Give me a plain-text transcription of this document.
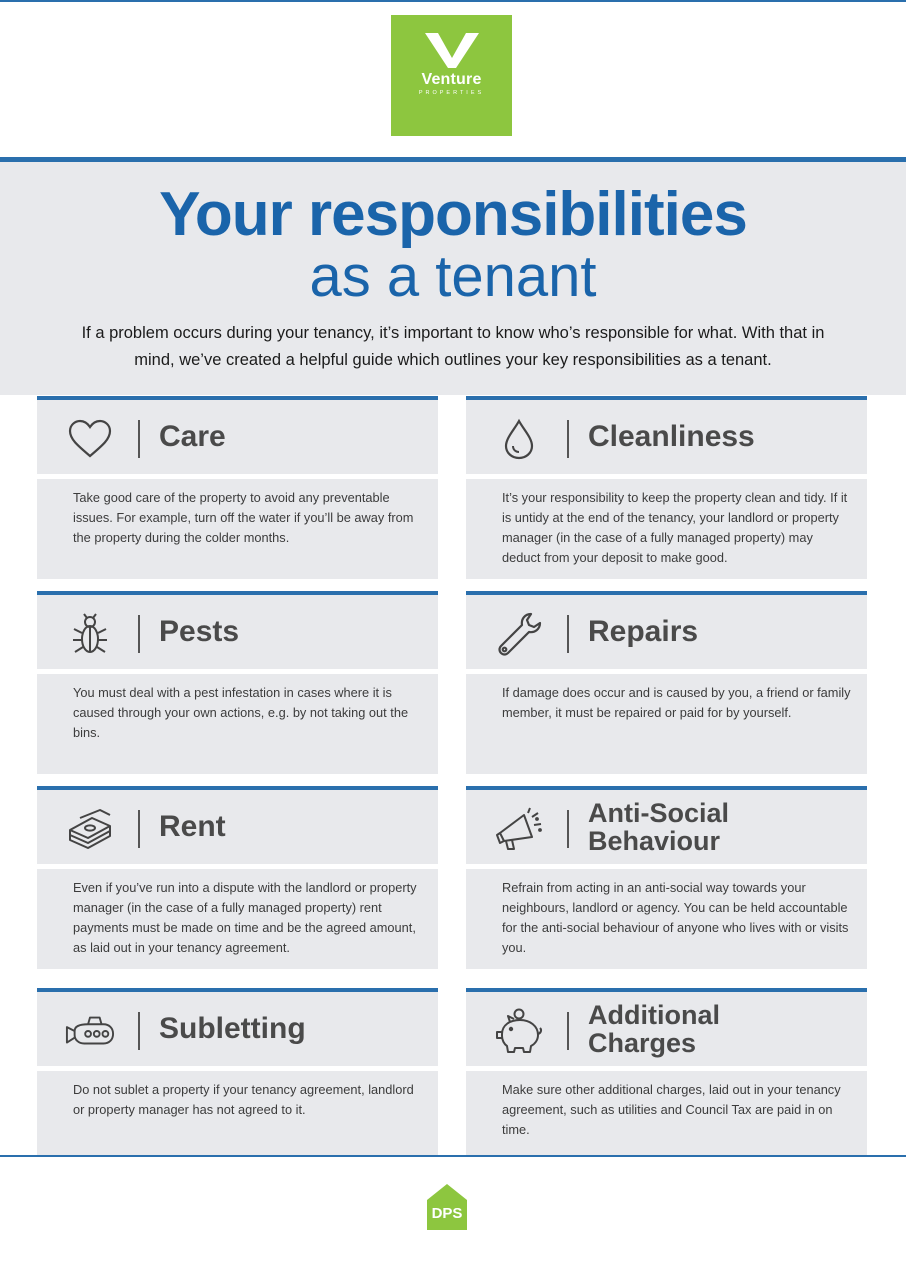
Venture
PROPERTIES
Your responsibilities
as a tenant
If a problem occurs during your tenancy, it’s important to know who’s responsible for what. With that in mind, we’ve created a helpful guide which outlines your key responsibilities as a tenant.
Care
Take good care of the property to avoid any preventable issues. For example, turn off the water if you’ll be away from the property during the colder months.
Cleanliness
It’s your responsibility to keep the property clean and tidy. If it is untidy at the end of the tenancy, your landlord or property manager (in the case of a fully managed property) may deduct from your deposit to make good.
Pests
You must deal with a pest infestation in cases where it is caused through your own actions, e.g. by not taking out the bins.
Repairs
If damage does occur and is caused by you, a friend or family member, it must be repaired or paid for by yourself.
Rent
Even if you’ve run into a dispute with the landlord or property manager (in the case of a fully managed property) rent payments must be made on time and be the agreed amount, as laid out in your tenancy agreement.
Anti-Social
Behaviour
Refrain from acting in an anti-social way towards your neighbours, landlord or agency. You can be held accountable for the anti-social behaviour of anyone who lives with or visits you.
Subletting
Do not sublet a property if your tenancy agreement, landlord or property manager has not agreed to it.
Additional
Charges
Make sure other additional charges, laid out in your tenancy agreement, such as utilities and Council Tax are paid in on time.
DPS
